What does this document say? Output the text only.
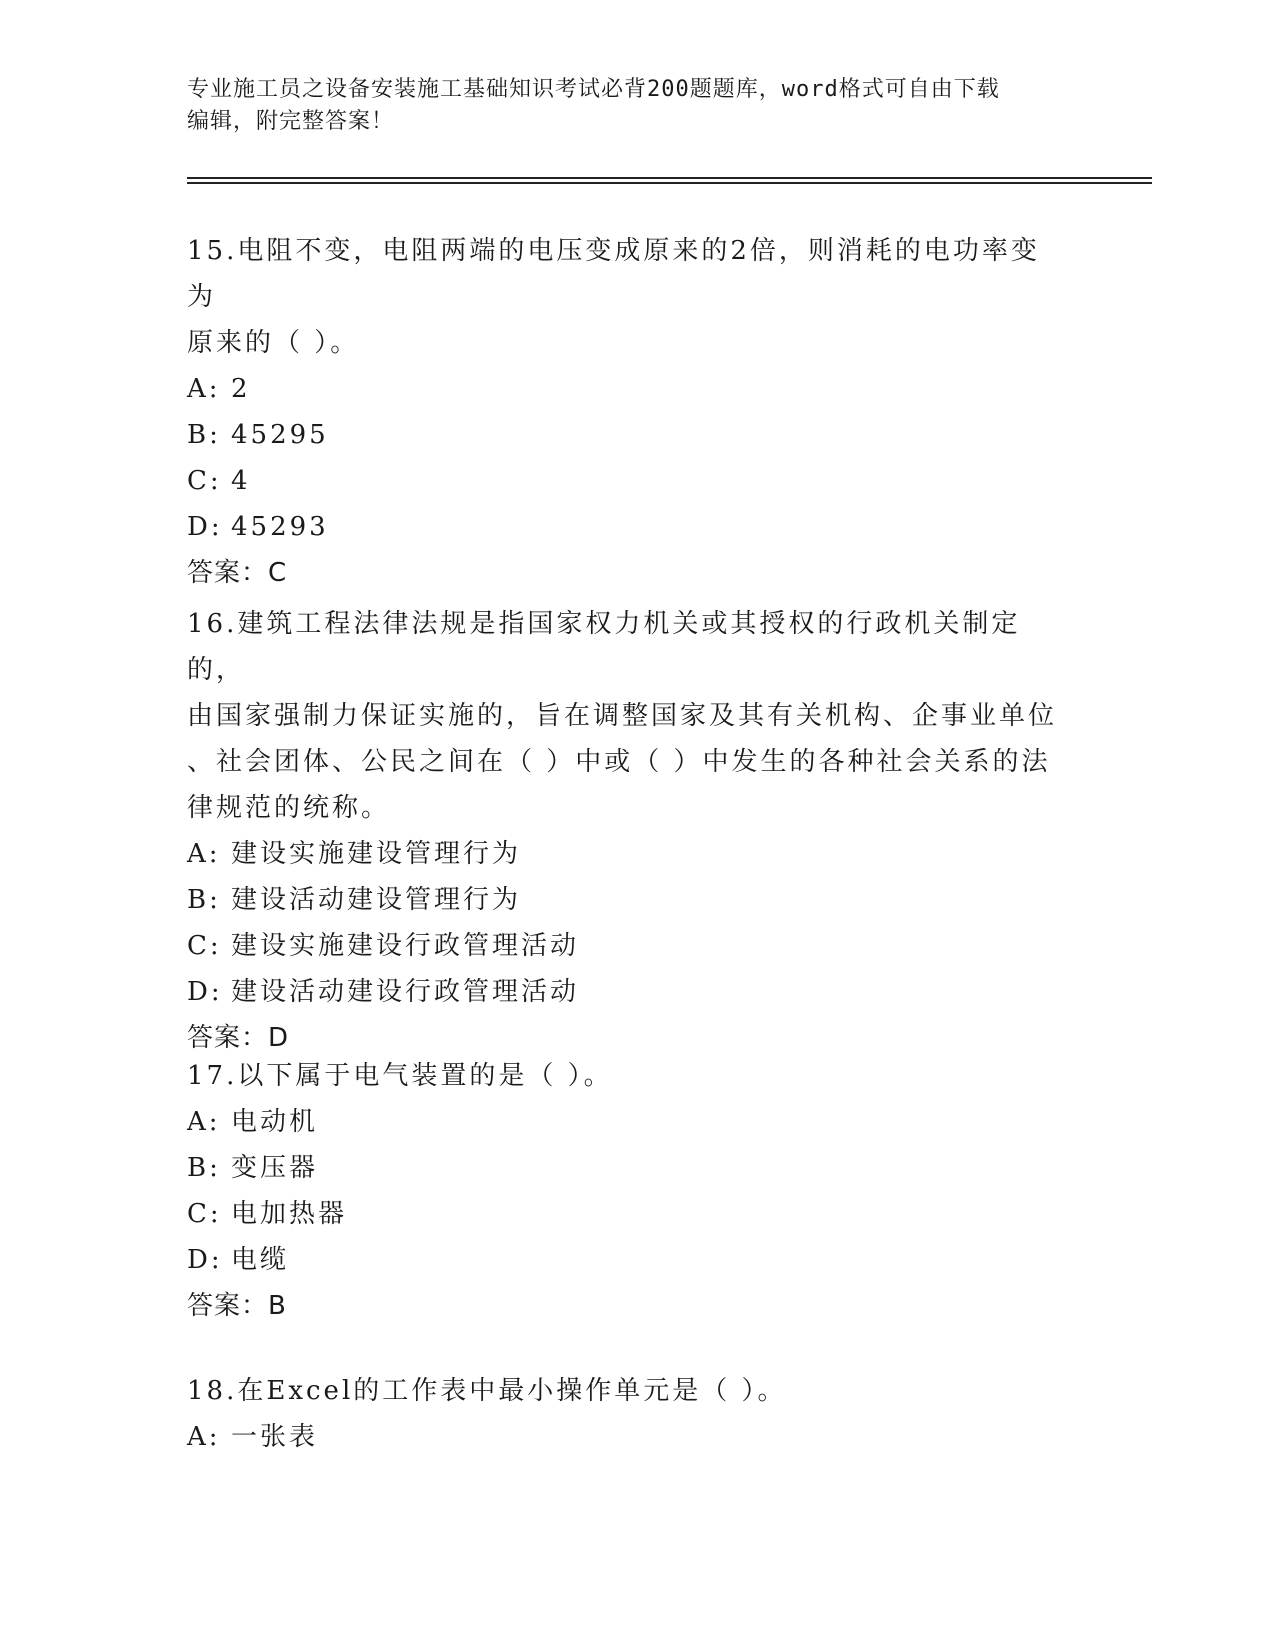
专业施工员之设备安装施工基础知识考试必背200题题库，word格式可自由下载
编辑，附完整答案！
15.电阻不变，电阻两端的电压变成原来的2倍，则消耗的电功率变为
原来的（ ）。
A: 2
B: 45295
C: 4
D: 45293
答案：C
16.建筑工程法律法规是指国家权力机关或其授权的行政机关制定的，
由国家强制力保证实施的，旨在调整国家及其有关机构、企事业单位
、社会团体、公民之间在（ ）中或（ ）中发生的各种社会关系的法
律规范的统称。
A: 建设实施建设管理行为
B: 建设活动建设管理行为
C: 建设实施建设行政管理活动
D: 建设活动建设行政管理活动
答案：D
17.以下属于电气装置的是（ ）。
A: 电动机
B: 变压器
C: 电加热器
D: 电缆
答案：B
18.在Excel的工作表中最小操作单元是（ ）。
A: 一张表
